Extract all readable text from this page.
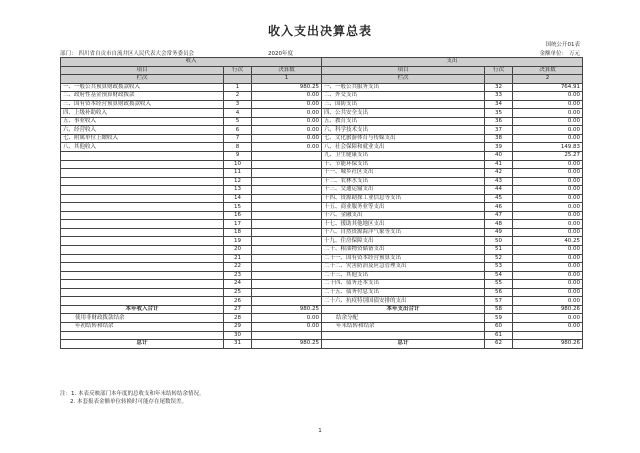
收入支出决算总表
国统公开01表
金额单位： 万元
部门： 四川省自贡市自流井区人民代表大会常务委员会	2020年度
收入			支出		
项目	行次	决算数	项目	行次	决算数
栏次		1	栏次		2
一、一般公共预算财政拨款收入	1	980.25	一、一般公共服务支出	32	764.91
二、政府性基金预算财政拨款	2	0.00	二、外交支出	33	0.00
三、国有资本经营预算财政拨款收入	3	0.00	三、国防支出	34	0.00
四、上级补助收入	4	0.00	四、公共安全支出	35	0.00
五、事业收入	5	0.00	五、教育支出	36	0.00
六、经营收入	6	0.00	六、科学技术支出	37	0.00
七、附属单位上缴收入	7	0.00	七、文化旅游体育与传媒支出	38	0.00
八、其他收入	8	0.00	八、社会保障和就业支出	39	149.83
	9		九、卫生健康支出	40	25.27
	10		十、节能环保支出	41	0.00
	11		十一、城乡社区支出	42	0.00
	12		十二、农林水支出	43	0.00
	13		十三、交通运输支出	44	0.00
	14		十四、资源勘探工业信息等支出	45	0.00
	15		十五、商业服务业等支出	46	0.00
	16		十六、金融支出	47	0.00
	17		十七、援助其他地区支出	48	0.00
	18		十八、自然资源海洋气象等支出	49	0.00
	19		十九、住房保障支出	50	40.25
	20		二十、粮油物资储备支出	51	0.00
	21		二十一、国有资本经营预算支出	52	0.00
	22		二十二、灾害防治及应急管理支出	53	0.00
	23		二十三、其他支出	54	0.00
	24		二十四、债务还本支出	55	0.00
	25		二十五、债务付息支出	56	0.00
	26		二十六、抗疫特别国债安排的支出	57	0.00
本年收入合计	27	980.25	本年支出合计	58	980.26
使用非财政拨款结余	28	0.00	结余分配	59	0.00
年初结转和结余	29	0.00	年末结转和结余	60	0.00
	30			61	
总计	31	980.25	总计	62	980.26
注：1. 本表反映部门本年度的总收支和年末结转结余情况。
2. 本套报表金额单位转换时可能存在尾数误差。
1
